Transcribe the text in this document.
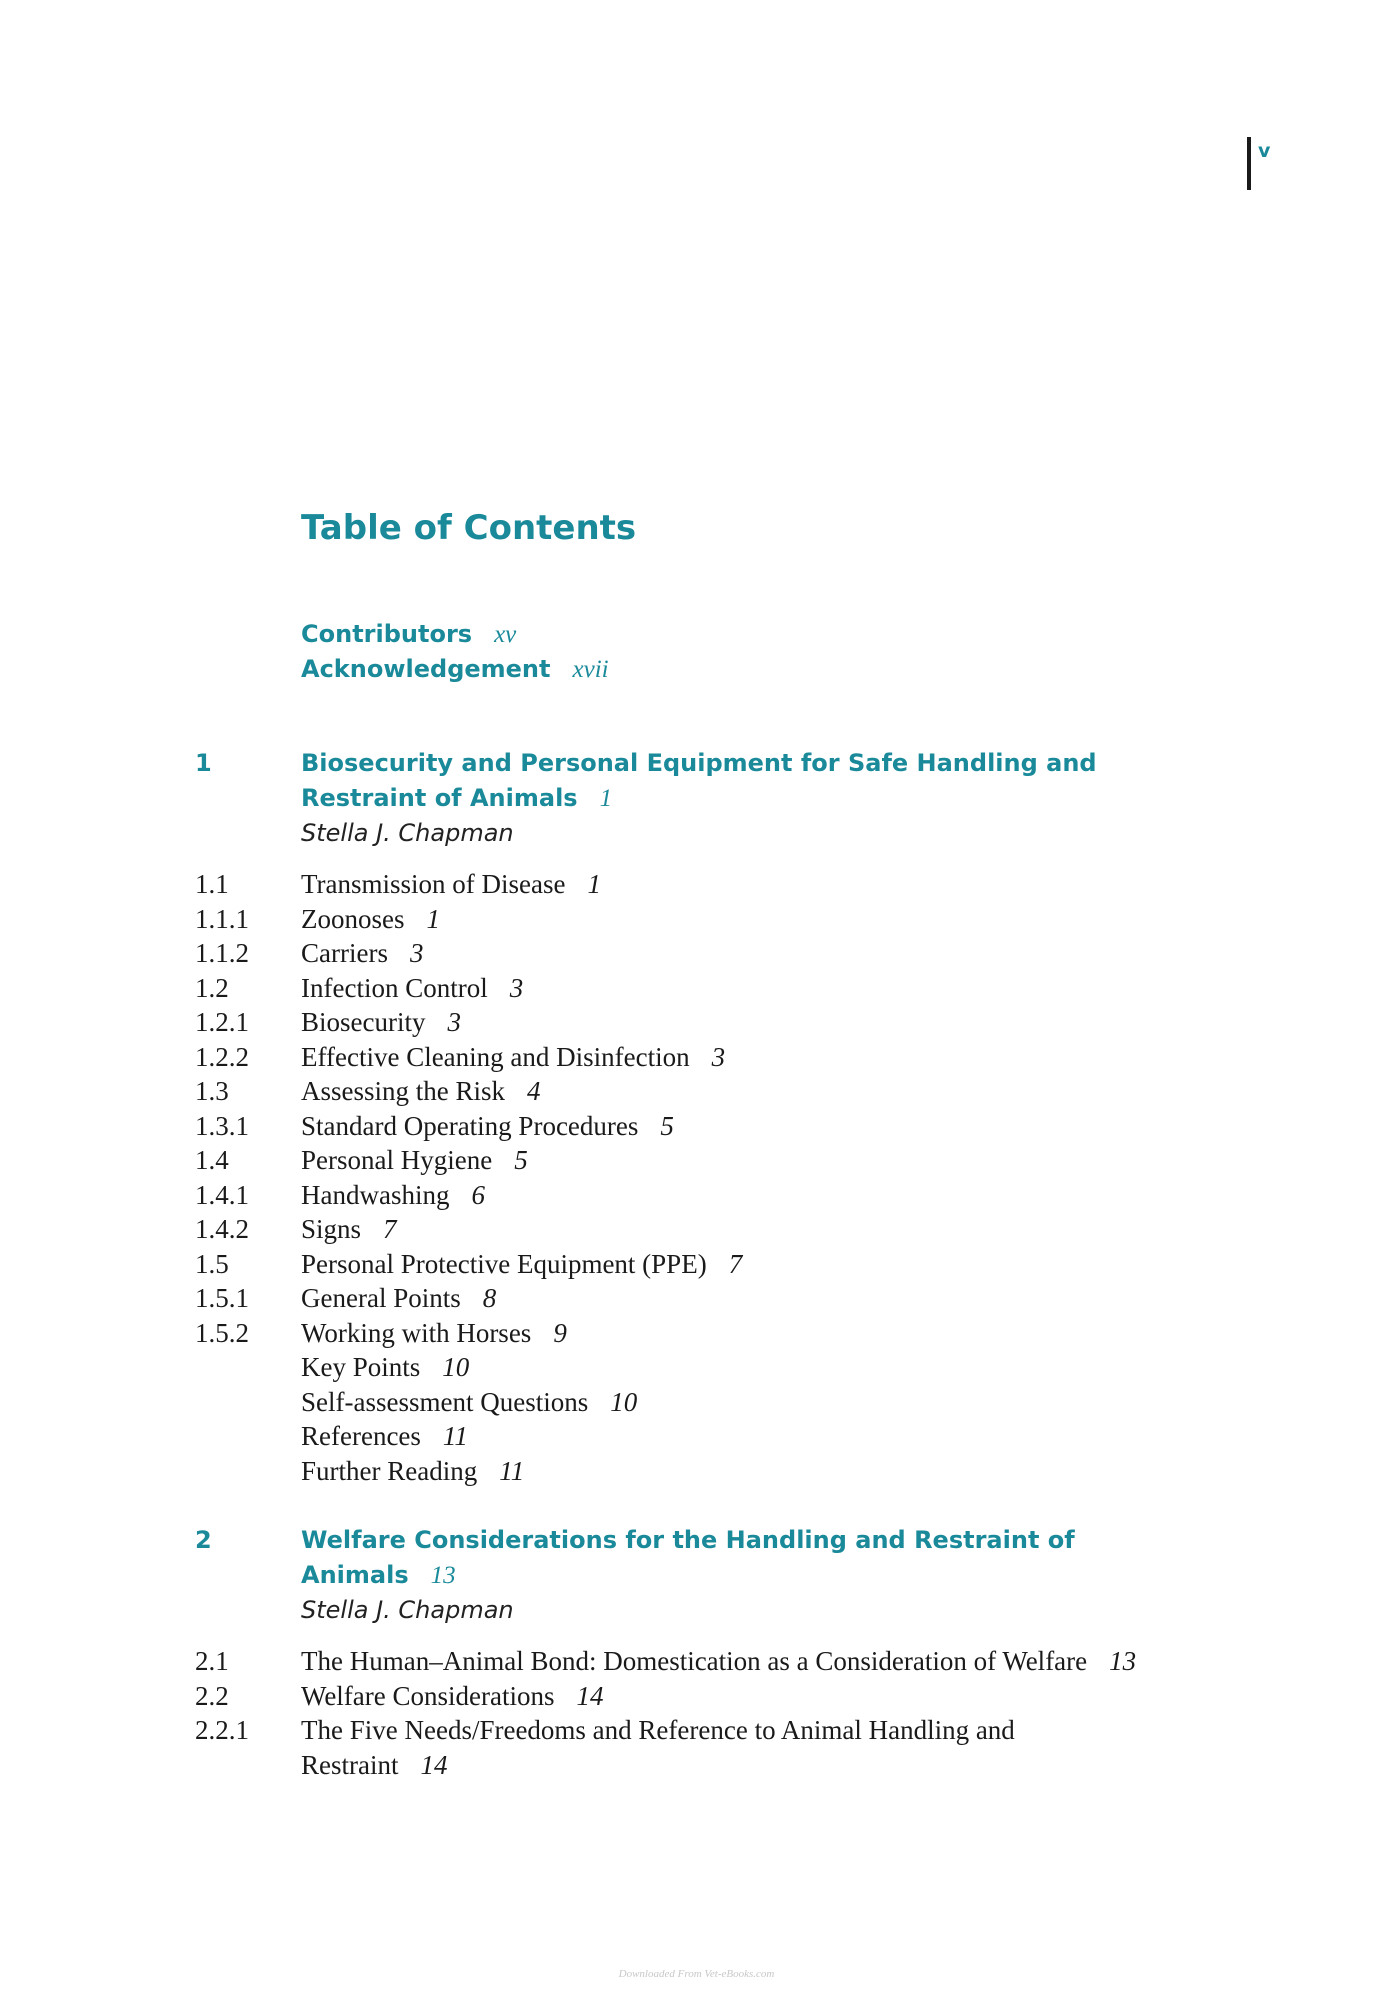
v
Table of Contents
Contributors xv
Acknowledgement xvii
1	Biosecurity and Personal Equipment for Safe Handling and Restraint of Animals 1
Stella J. Chapman
1.1	Transmission of Disease 1
1.1.1 Zoonoses 1
1.1.2 Carriers 3
1.2	Infection Control 3
1.2.1 Biosecurity 3
1.2.2 Effective Cleaning and Disinfection 3
1.3	Assessing the Risk 4
1.3.1 Standard Operating Procedures 5
1.4	Personal Hygiene 5
1.4.1 Handwashing 6
1.4.2 Signs 7
1.5	Personal Protective Equipment (PPE) 7
1.5.1 General Points 8
1.5.2 Working with Horses 9
Key Points 10
Self-assessment Questions 10
References 11
Further Reading 11
2	Welfare Considerations for the Handling and Restraint of Animals 13
Stella J. Chapman
2.1	The Human–Animal Bond: Domestication as a Consideration of Welfare 13
2.2	Welfare Considerations 14
2.2.1 The Five Needs/Freedoms and Reference to Animal Handling and Restraint 14
Downloaded From Vet-eBooks.com
